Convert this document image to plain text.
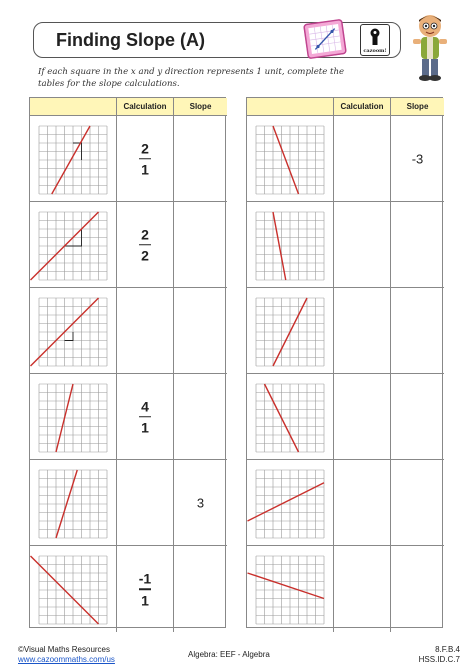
Finding Slope (A)
cazoom!
If each square in the x and y direction represents 1 unit, complete the tables for the slope calculations.
Calculation	Slope
2
1
2
2
4
1
3
-1
1
Calculation	Slope
-3
©Visual Maths Resources
www.cazoommaths.com/us
Algebra: EEF - Algebra
8.F.B.4
HSS.ID.C.7
